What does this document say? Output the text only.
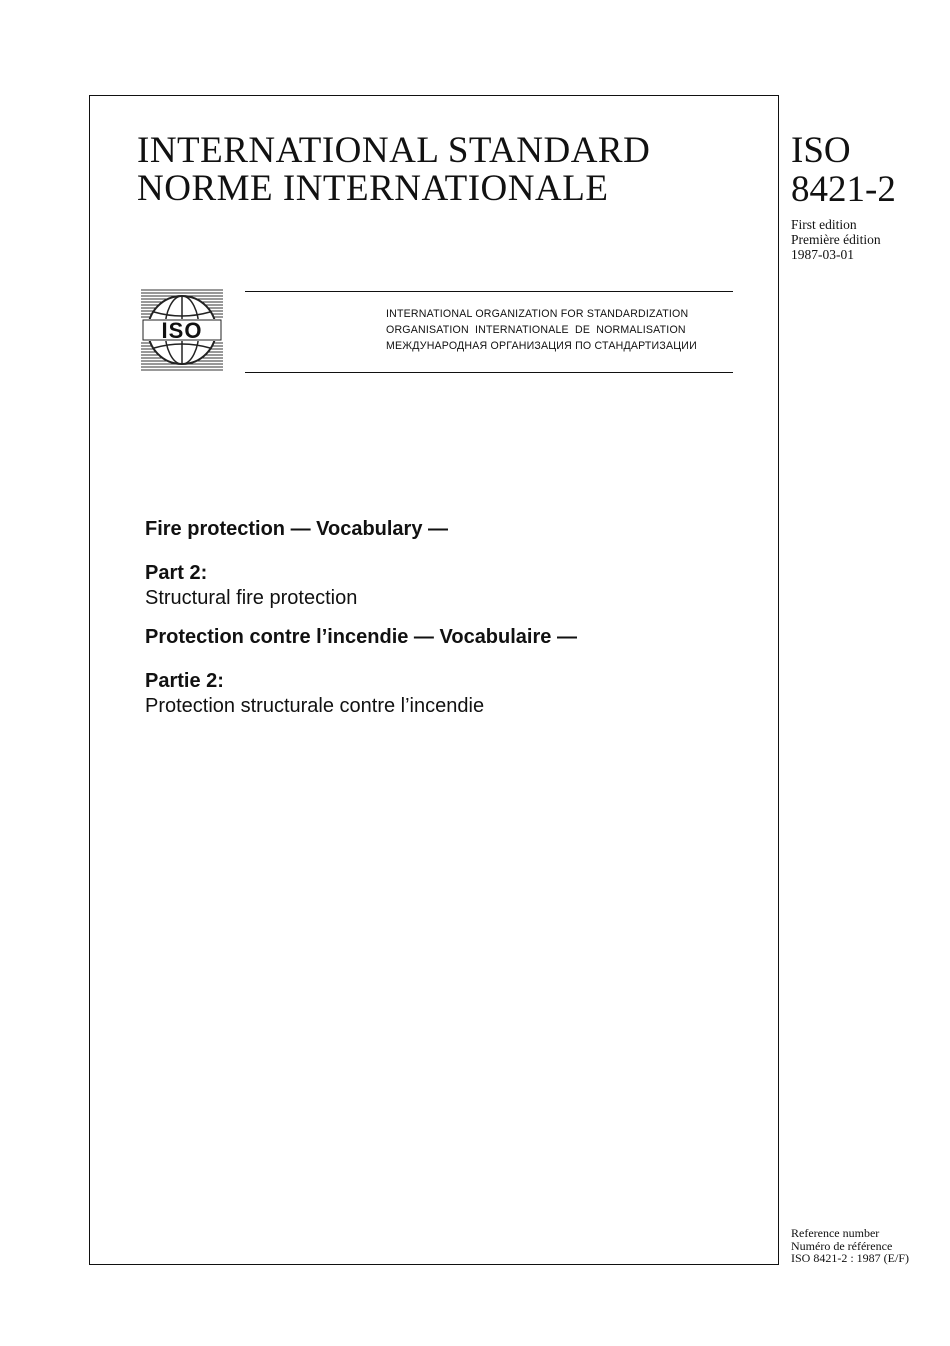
INTERNATIONAL STANDARD
NORME INTERNATIONALE
ISO
8421-2
First edition
Première édition
1987-03-01
ISO
INTERNATIONAL ORGANIZATION FOR STANDARDIZATION
ORGANISATION INTERNATIONALE DE NORMALISATION
МЕЖДУНАРОДНАЯ ОРГАНИЗАЦИЯ ПО СТАНДАРТИЗАЦИИ

Fire protection — Vocabulary —

Part 2:

Structural fire protection

Protection contre l’incendie — Vocabulaire —

Partie 2:

Protection structurale contre l’incendie

Reference number
Numéro de référence
ISO 8421-2 : 1987 (E/F)
